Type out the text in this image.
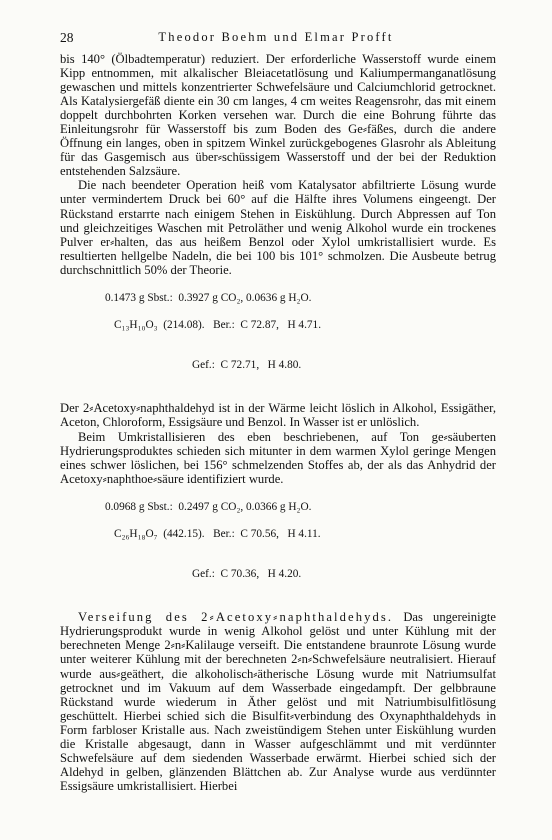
28	Theodor Boehm und Elmar Profft

bis 140° (Ölbadtemperatur) reduziert. Der erforderliche Wasserstoff wurde einem Kipp entnommen, mit alkalischer Bleiacetatlösung und Kaliumpermanganatlösung gewaschen und mittels konzentrierter Schwefelsäure und Calciumchlorid getrocknet. Als Katalysiergefäß diente ein 30 cm langes, 4 cm weites Reagensrohr, das mit einem doppelt durchbohrten Korken versehen war. Durch die eine Bohrung führte das Einleitungsrohr für Wasserstoff bis zum Boden des Ge⸗fäßes, durch die andere Öffnung ein langes, oben in spitzem Winkel zurückgebogenes Glasrohr als Ableitung für das Gasgemisch aus über⸗schüssigem Wasserstoff und der bei der Reduktion entstehenden Salzsäure.

Die nach beendeter Operation heiß vom Katalysator abfiltrierte Lösung wurde unter vermindertem Druck bei 60° auf die Hälfte ihres Volumens eingeengt. Der Rückstand erstarrte nach einigem Stehen in Eiskühlung. Durch Abpressen auf Ton und gleichzeitiges Waschen mit Petroläther und wenig Alkohol wurde ein trockenes Pulver er⸗halten, das aus heißem Benzol oder Xylol umkristallisiert wurde. Es resultierten hellgelbe Nadeln, die bei 100 bis 101° schmolzen. Die Ausbeute betrug durchschnittlich 50% der Theorie.

0.1473 g Sbst.:  0.3927 g CO₂, 0.0636 g H₂O.

C₁₃H₁₀O₃  (214.08).   Ber.:  C 72.87,   H 4.71.

Gef.:  C 72.71,   H 4.80.

Der 2⸗Acetoxy⸗naphthaldehyd ist in der Wärme leicht löslich in Alkohol, Essigäther, Aceton, Chloroform, Essigsäure und Benzol. In Wasser ist er unlöslich.

Beim Umkristallisieren des eben beschriebenen, auf Ton ge⸗säuberten Hydrierungsproduktes schieden sich mitunter in dem warmen Xylol geringe Mengen eines schwer löslichen, bei 156° schmelzenden Stoffes ab, der als das Anhydrid der Acetoxy⸗naphthoe⸗säure identifiziert wurde.

0.0968 g Sbst.:  0.2497 g CO₂, 0.0366 g H₂O.

C₂₆H₁₈O₇  (442.15).   Ber.:  C 70.56,   H 4.11.

Gef.:  C 70.36,   H 4.20.

Verseifung des 2⸗Acetoxy⸗naphthaldehyds. Das ungereinigte Hydrierungsprodukt wurde in wenig Alkohol gelöst und unter Kühlung mit der berechneten Menge 2⸗n⸗Kalilauge verseift. Die entstandene braunrote Lösung wurde unter weiterer Kühlung mit der berechneten 2⸗n⸗Schwefelsäure neutralisiert. Hierauf wurde aus⸗geäthert, die alkoholisch⸗ätherische Lösung wurde mit Natriumsulfat getrocknet und im Vakuum auf dem Wasserbade eingedampft. Der gelbbraune Rückstand wurde wiederum in Äther gelöst und mit Natriumbisulfitlösung geschüttelt. Hierbei schied sich die Bisulfit⸗verbindung des Oxynaphthaldehyds in Form farbloser Kristalle aus. Nach zweistündigem Stehen unter Eiskühlung wurden die Kristalle abgesaugt, dann in Wasser aufgeschlämmt und mit verdünnter Schwefelsäure auf dem siedenden Wasserbade erwärmt. Hierbei schied sich der Aldehyd in gelben, glänzenden Blättchen ab. Zur Analyse wurde aus verdünnter Essigsäure umkristallisiert. Hierbei
